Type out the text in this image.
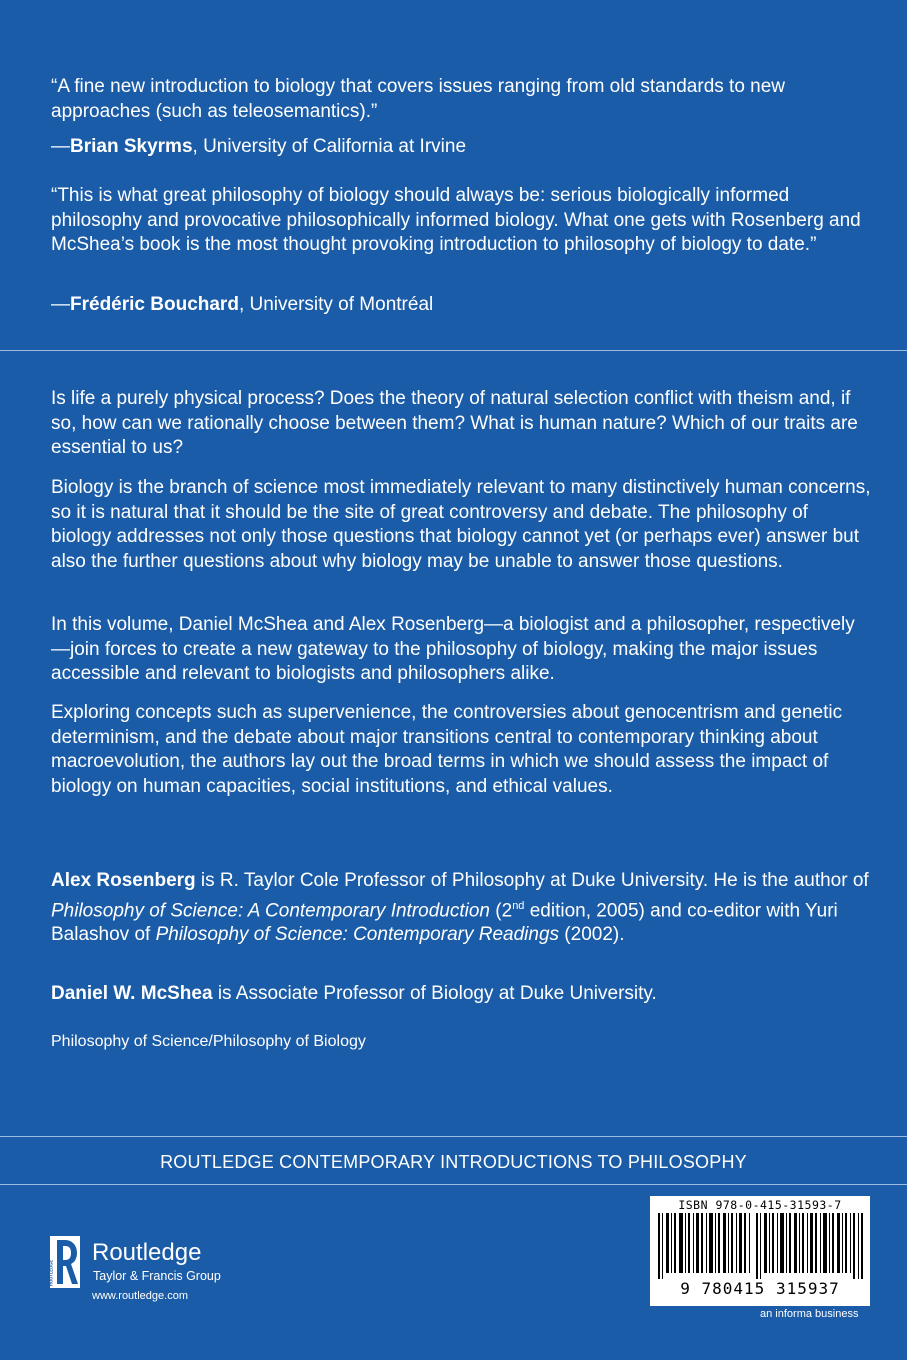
“A fine new introduction to biology that covers issues ranging from old standards to new approaches (such as teleosemantics).”
—Brian Skyrms, University of California at Irvine
“This is what great philosophy of biology should always be: serious biologically informed philosophy and provocative philosophically informed biology. What one gets with Rosenberg and McShea’s book is the most thought provoking introduction to philosophy of biology to date.”
—Frédéric Bouchard, University of Montréal
Is life a purely physical process? Does the theory of natural selection conflict with theism and, if so, how can we rationally choose between them? What is human nature? Which of our traits are essential to us?
Biology is the branch of science most immediately relevant to many distinctively human concerns, so it is natural that it should be the site of great controversy and debate. The philosophy of biology addresses not only those questions that biology cannot yet (or perhaps ever) answer but also the further questions about why biology may be unable to answer those questions.
In this volume, Daniel McShea and Alex Rosenberg—a biologist and a philosopher, respectively—join forces to create a new gateway to the philosophy of biology, making the major issues accessible and relevant to biologists and philosophers alike.
Exploring concepts such as supervenience, the controversies about genocentrism and genetic determinism, and the debate about major transitions central to contemporary thinking about macroevolution, the authors lay out the broad terms in which we should assess the impact of biology on human capacities, social institutions, and ethical values.
Alex Rosenberg is R. Taylor Cole Professor of Philosophy at Duke University. He is the author of Philosophy of Science: A Contemporary Introduction (2nd edition, 2005) and co-editor with Yuri Balashov of Philosophy of Science: Contemporary Readings (2002).
Daniel W. McShea is Associate Professor of Biology at Duke University.
Philosophy of Science/Philosophy of Biology
ROUTLEDGE CONTEMPORARY INTRODUCTIONS TO PHILOSOPHY
ROUTLEDGE
Routledge
Taylor & Francis Group
www.routledge.com
ISBN 978-0-415-31593-7
9 780415 315937
an informa business
